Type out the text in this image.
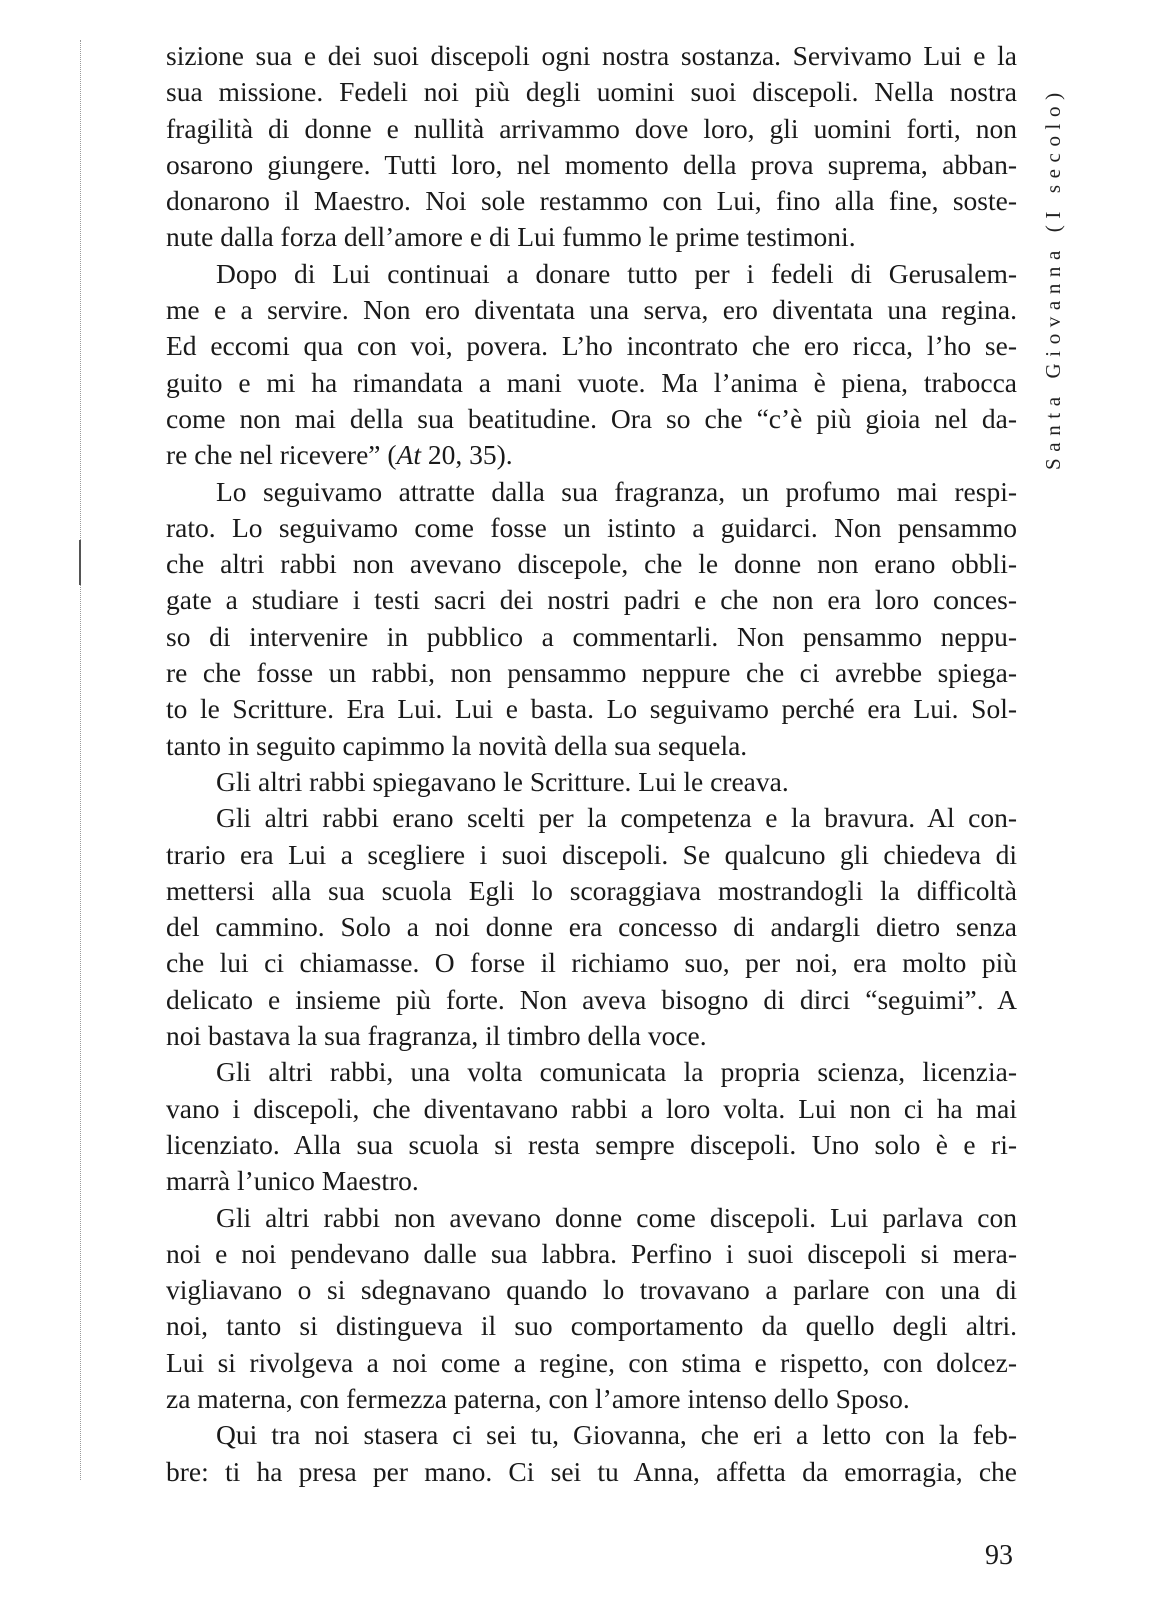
sizione sua e dei suoi discepoli ogni nostra sostanza. Servivamo Lui e la
sua missione. Fedeli noi più degli uomini suoi discepoli. Nella nostra
fragilità di donne e nullità arrivammo dove loro, gli uomini forti, non
osarono giungere. Tutti loro, nel momento della prova suprema, abban-
donarono il Maestro. Noi sole restammo con Lui, fino alla fine, soste-
nute dalla forza dell’amore e di Lui fummo le prime testimoni.
Dopo di Lui continuai a donare tutto per i fedeli di Gerusalem-
me e a servire. Non ero diventata una serva, ero diventata una regina.
Ed eccomi qua con voi, povera. L’ho incontrato che ero ricca, l’ho se-
guito e mi ha rimandata a mani vuote. Ma l’anima è piena, trabocca
come non mai della sua beatitudine. Ora so che “c’è più gioia nel da-
re che nel ricevere” (At 20, 35).
Lo seguivamo attratte dalla sua fragranza, un profumo mai respi-
rato. Lo seguivamo come fosse un istinto a guidarci. Non pensammo
che altri rabbi non avevano discepole, che le donne non erano obbli-
gate a studiare i testi sacri dei nostri padri e che non era loro conces-
so di intervenire in pubblico a commentarli. Non pensammo neppu-
re che fosse un rabbi, non pensammo neppure che ci avrebbe spiega-
to le Scritture. Era Lui. Lui e basta. Lo seguivamo perché era Lui. Sol-
tanto in seguito capimmo la novità della sua sequela.
Gli altri rabbi spiegavano le Scritture. Lui le creava.
Gli altri rabbi erano scelti per la competenza e la bravura. Al con-
trario era Lui a scegliere i suoi discepoli. Se qualcuno gli chiedeva di
mettersi alla sua scuola Egli lo scoraggiava mostrandogli la difficoltà
del cammino. Solo a noi donne era concesso di andargli dietro senza
che lui ci chiamasse. O forse il richiamo suo, per noi, era molto più
delicato e insieme più forte. Non aveva bisogno di dirci “seguimi”. A
noi bastava la sua fragranza, il timbro della voce.
Gli altri rabbi, una volta comunicata la propria scienza, licenzia-
vano i discepoli, che diventavano rabbi a loro volta. Lui non ci ha mai
licenziato. Alla sua scuola si resta sempre discepoli. Uno solo è e ri-
marrà l’unico Maestro.
Gli altri rabbi non avevano donne come discepoli. Lui parlava con
noi e noi pendevano dalle sua labbra. Perfino i suoi discepoli si mera-
vigliavano o si sdegnavano quando lo trovavano a parlare con una di
noi, tanto si distingueva il suo comportamento da quello degli altri.
Lui si rivolgeva a noi come a regine, con stima e rispetto, con dolcez-
za materna, con fermezza paterna, con l’amore intenso dello Sposo.
Qui tra noi stasera ci sei tu, Giovanna, che eri a letto con la feb-
bre: ti ha presa per mano. Ci sei tu Anna, affetta da emorragia, che
Santa Giovanna (I secolo)
93
